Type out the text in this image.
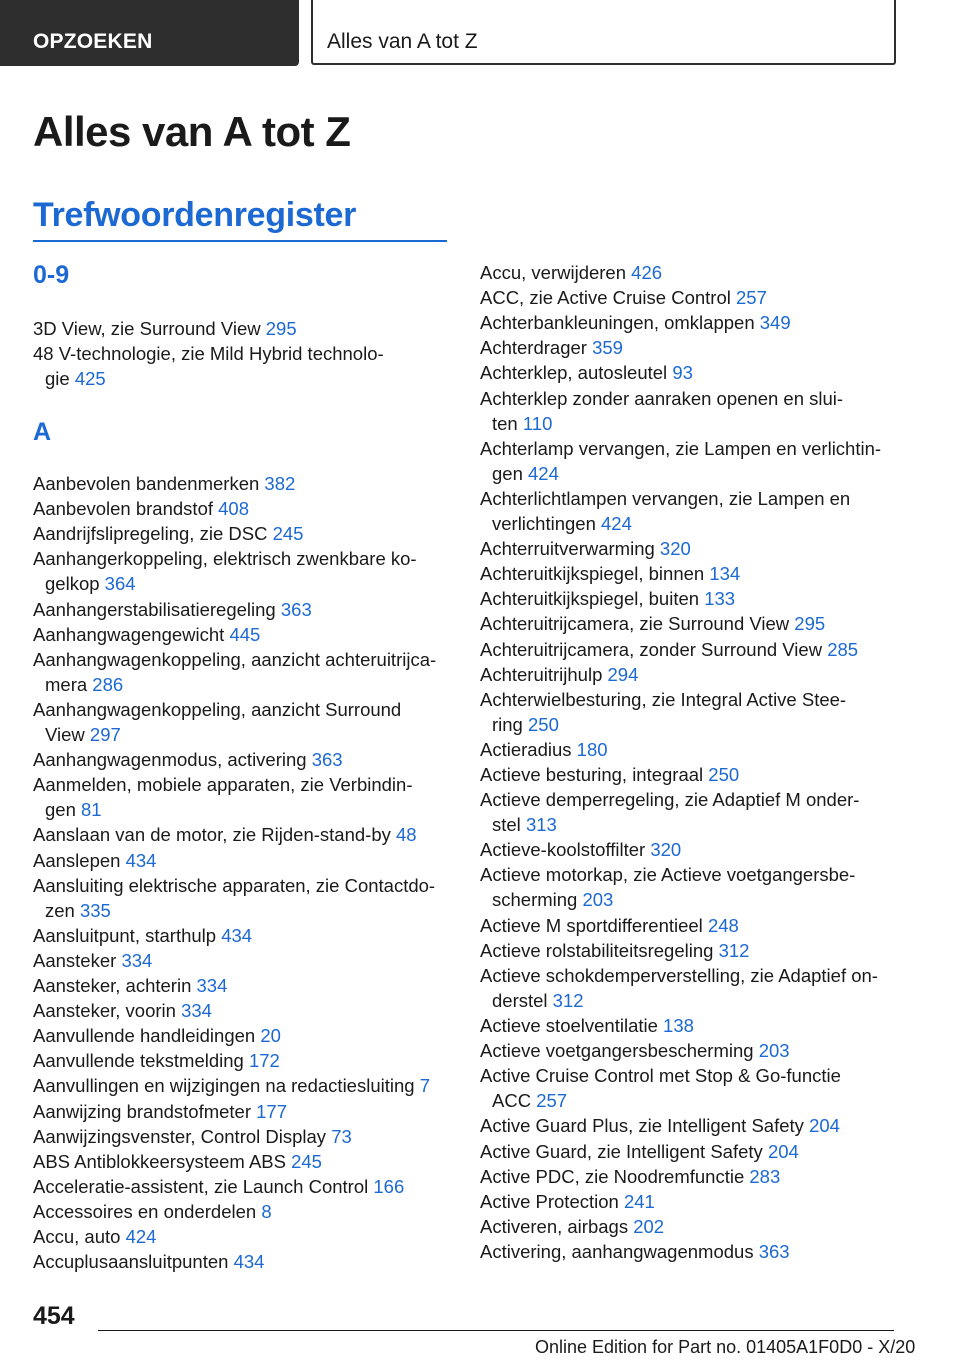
OPZOEKEN	Alles van A tot Z
Alles van A tot Z
Trefwoordenregister
0-9
3D View, zie Surround View 295
48 V-technologie, zie Mild Hybrid technolo-
gie 425
A
Aanbevolen bandenmerken 382
Aanbevolen brandstof 408
Aandrijfslipregeling, zie DSC 245
Aanhangerkoppeling, elektrisch zwenkbare ko-
gelkop 364
Aanhangerstabilisatieregeling 363
Aanhangwagengewicht 445
Aanhangwagenkoppeling, aanzicht achteruitrijca-
mera 286
Aanhangwagenkoppeling, aanzicht Surround
View 297
Aanhangwagenmodus, activering 363
Aanmelden, mobiele apparaten, zie Verbindin-
gen 81
Aanslaan van de motor, zie Rijden-stand-by 48
Aanslepen 434
Aansluiting elektrische apparaten, zie Contactdo-
zen 335
Aansluitpunt, starthulp 434
Aansteker 334
Aansteker, achterin 334
Aansteker, voorin 334
Aanvullende handleidingen 20
Aanvullende tekstmelding 172
Aanvullingen en wijzigingen na redactiesluiting 7
Aanwijzing brandstofmeter 177
Aanwijzingsvenster, Control Display 73
ABS Antiblokkeersysteem ABS 245
Acceleratie-assistent, zie Launch Control 166
Accessoires en onderdelen 8
Accu, auto 424
Accuplusaansluitpunten 434
Accu, verwijderen 426
ACC, zie Active Cruise Control 257
Achterbankleuningen, omklappen 349
Achterdrager 359
Achterklep, autosleutel 93
Achterklep zonder aanraken openen en slui-
ten 110
Achterlamp vervangen, zie Lampen en verlichtin-
gen 424
Achterlichtlampen vervangen, zie Lampen en
verlichtingen 424
Achterruitverwarming 320
Achteruitkijkspiegel, binnen 134
Achteruitkijkspiegel, buiten 133
Achteruitrijcamera, zie Surround View 295
Achteruitrijcamera, zonder Surround View 285
Achteruitrijhulp 294
Achterwielbesturing, zie Integral Active Stee-
ring 250
Actieradius 180
Actieve besturing, integraal 250
Actieve demperregeling, zie Adaptief M onder-
stel 313
Actieve-koolstoffilter 320
Actieve motorkap, zie Actieve voetgangersbe-
scherming 203
Actieve M sportdifferentieel 248
Actieve rolstabiliteitsregeling 312
Actieve schokdemperverstelling, zie Adaptief on-
derstel 312
Actieve stoelventilatie 138
Actieve voetgangersbescherming 203
Active Cruise Control met Stop & Go-functie
ACC 257
Active Guard Plus, zie Intelligent Safety 204
Active Guard, zie Intelligent Safety 204
Active PDC, zie Noodremfunctie 283
Active Protection 241
Activeren, airbags 202
Activering, aanhangwagenmodus 363
454
Online Edition for Part no. 01405A1F0D0 - X/20
